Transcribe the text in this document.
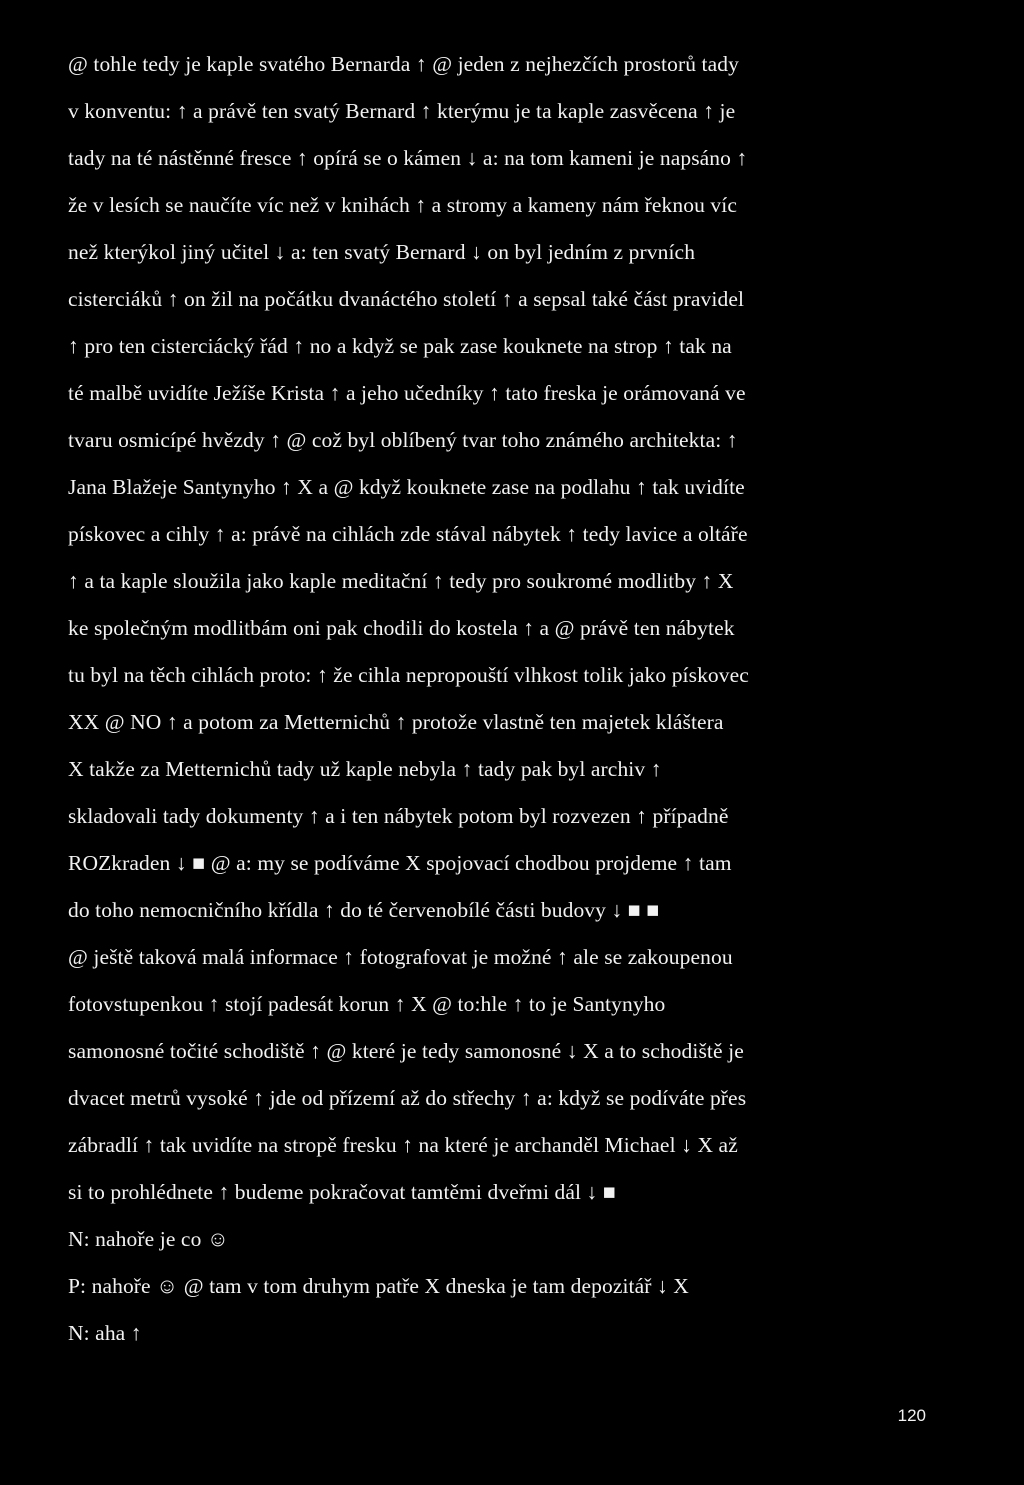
@ tohle tedy je kaple svatého Bernarda ↑ @ jeden z nejhezčích prostorů tady
v konventu: ↑ a právě ten svatý Bernard ↑ kterýmu je ta kaple zasvěcena ↑ je
tady na té nástěnné fresce ↑ opírá se o kámen ↓ a: na tom kameni je napsáno ↑
že v lesích se naučíte víc než v knihách ↑ a stromy a kameny nám řeknou víc
než kterýkol jiný učitel ↓ a: ten svatý Bernard ↓ on byl jedním z prvních
cisterciáků ↑ on žil na počátku dvanáctého století ↑ a sepsal také část pravidel
↑ pro ten cisterciácký řád ↑ no a když se pak zase kouknete na strop ↑ tak na
té malbě uvidíte Ježíše Krista ↑ a jeho učedníky ↑ tato freska je orámovaná ve
tvaru osmicípé hvězdy ↑ @ což byl oblíbený tvar toho známého architekta: ↑
Jana Blažeje Santynyho ↑ X a @ když kouknete zase na podlahu ↑ tak uvidíte
pískovec a cihly ↑ a: právě na cihlách zde stával nábytek ↑ tedy lavice a oltáře
↑ a ta kaple sloužila jako kaple meditační ↑ tedy pro soukromé modlitby ↑ X
ke společným modlitbám oni pak chodili do kostela ↑ a @ právě ten nábytek
tu byl na těch cihlách proto: ↑ že cihla nepropouští vlhkost tolik jako pískovec
XX @ NO ↑ a potom za Metternichů ↑ protože vlastně ten majetek kláštera
X takže za Metternichů tady už kaple nebyla ↑ tady pak byl archiv ↑
skladovali tady dokumenty ↑ a i ten nábytek potom byl rozvezen ↑ případně
ROZkraden ↓ ■ @ a: my se podíváme X spojovací chodbou projdeme ↑ tam
do toho nemocničního křídla ↑ do té červenobílé části budovy ↓ ■ ■
@ ještě taková malá informace ↑ fotografovat je možné ↑ ale se zakoupenou
fotovstupenkou ↑ stojí padesát korun ↑ X @ to:hle ↑ to je Santynyho
samonosné točité schodiště ↑ @ které je tedy samonosné ↓ X a to schodiště je
dvacet metrů vysoké ↑ jde od přízemí až do střechy ↑ a: když se podíváte přes
zábradlí ↑ tak uvidíte na stropě fresku ↑ na které je archanděl Michael ↓ X až
si to prohlédnete ↑ budeme pokračovat tamtěmi dveřmi dál ↓ ■
N: nahoře je co ☺
P: nahoře ☺ @ tam v tom druhym patře X dneska je tam depozitář ↓ X
N: aha ↑
120
